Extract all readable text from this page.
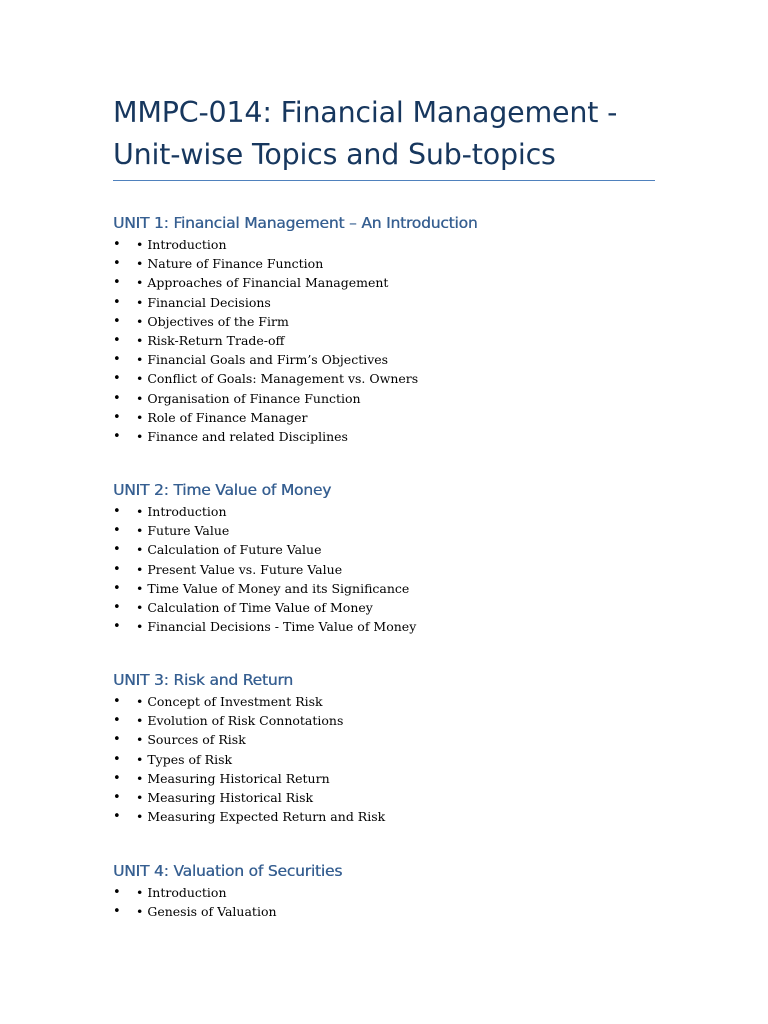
MMPC-014: Financial Management -
Unit-wise Topics and Sub-topics
UNIT 1: Financial Management – An Introduction
• • Introduction
• • Nature of Finance Function
• • Approaches of Financial Management
• • Financial Decisions
• • Objectives of the Firm
• • Risk-Return Trade-off
• • Financial Goals and Firm’s Objectives
• • Conflict of Goals: Management vs. Owners
• • Organisation of Finance Function
• • Role of Finance Manager
• • Finance and related Disciplines
UNIT 2: Time Value of Money
• • Introduction
• • Future Value
• • Calculation of Future Value
• • Present Value vs. Future Value
• • Time Value of Money and its Significance
• • Calculation of Time Value of Money
• • Financial Decisions - Time Value of Money
UNIT 3: Risk and Return
• • Concept of Investment Risk
• • Evolution of Risk Connotations
• • Sources of Risk
• • Types of Risk
• • Measuring Historical Return
• • Measuring Historical Risk
• • Measuring Expected Return and Risk
UNIT 4: Valuation of Securities
• • Introduction
• • Genesis of Valuation
